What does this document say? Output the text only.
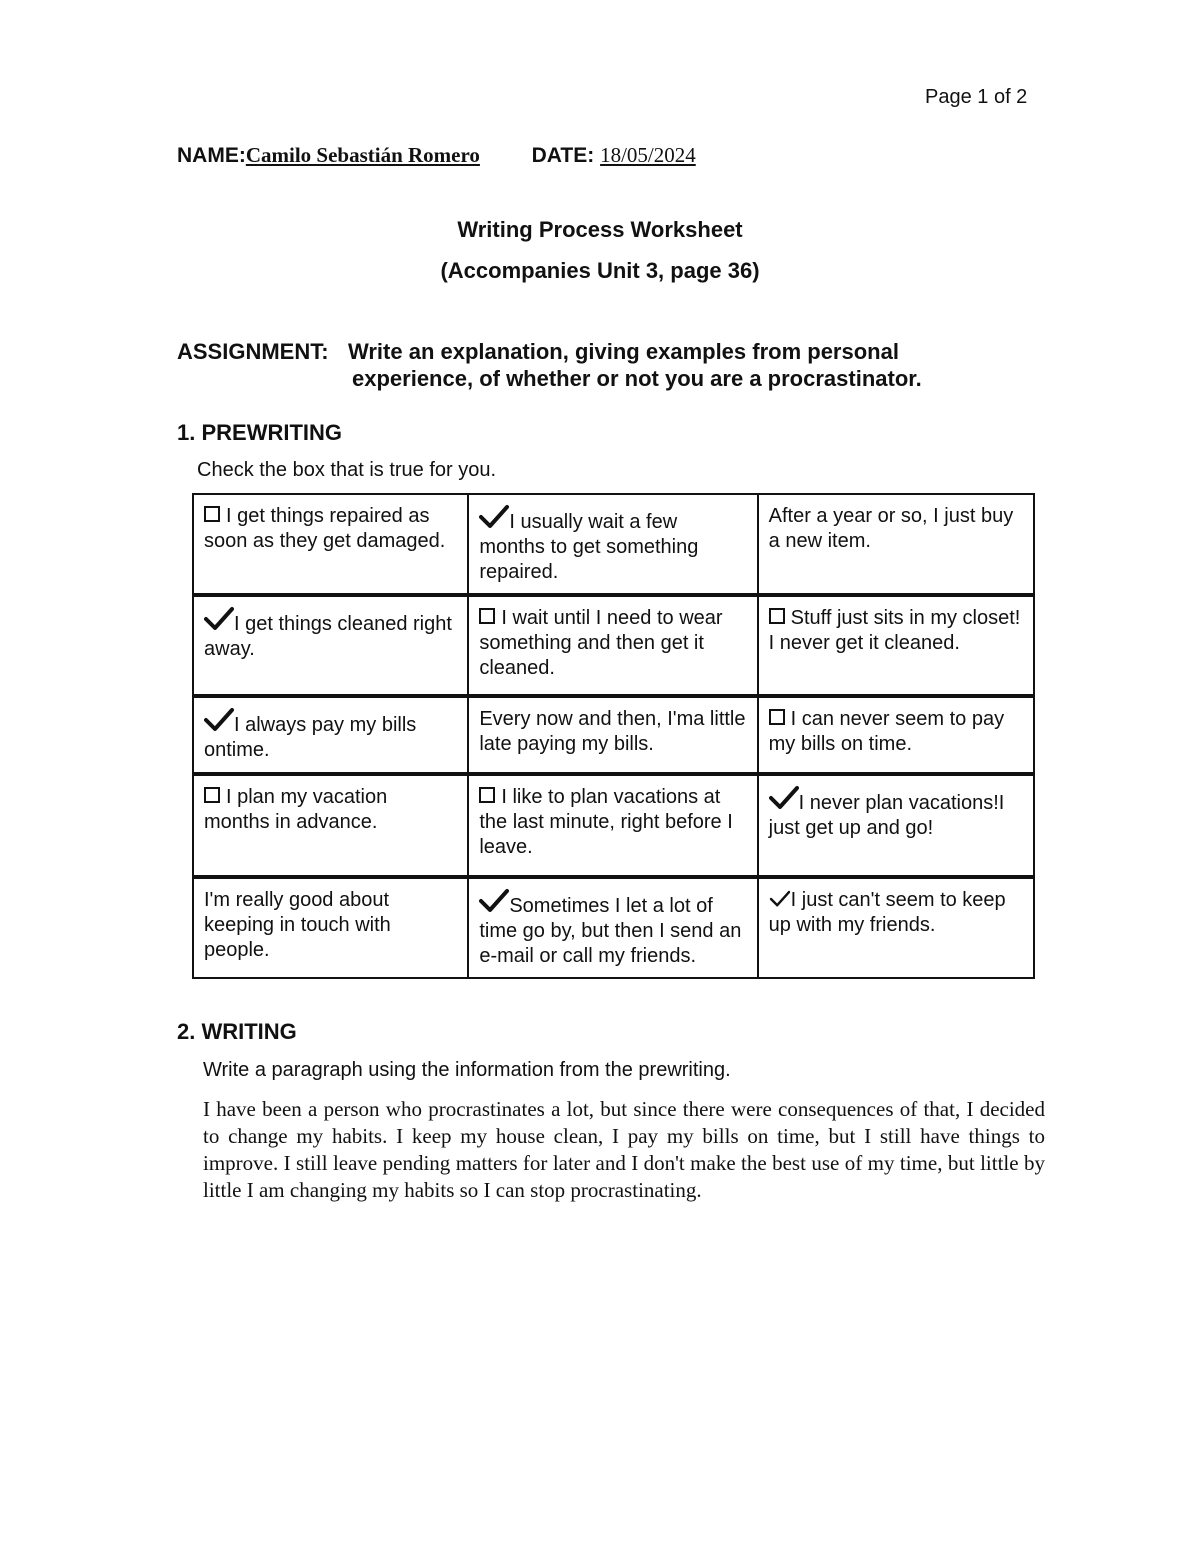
Page 1 of 2
NAME:Camilo Sebastián Romero DATE: 18/05/2024
Writing Process Worksheet
(Accompanies Unit 3, page 36)
ASSIGNMENT: Write an explanation, giving examples from personal
experience, of whether or not you are a procrastinator.
1. PREWRITING
Check the box that is true for you.
I get things repaired as soon as they get damaged.	I usually wait a few months to get something repaired.	After a year or so, I just buy a new item.
I get things cleaned right away.	I wait until I need to wear something and then get it cleaned.	Stuff just sits in my closet! I never get it cleaned.
I always pay my bills ontime.	Every now and then, I'ma little late paying my bills.	I can never seem to pay my bills on time.
I plan my vacation months in advance.	I like to plan vacations at the last minute, right before I leave.	I never plan vacations!I just get up and go!
I'm really good about keeping in touch with people.	Sometimes I let a lot of time go by, but then I send an e-mail or call my friends.	I just can't seem to keep up with my friends.
2. WRITING
Write a paragraph using the information from the prewriting.
I have been a person who procrastinates a lot, but since there were consequences of that, I decided to change my habits. I keep my house clean, I pay my bills on time, but I still have things to improve. I still leave pending matters for later and I don't make the best use of my time, but little by little I am changing my habits so I can stop procrastinating.
